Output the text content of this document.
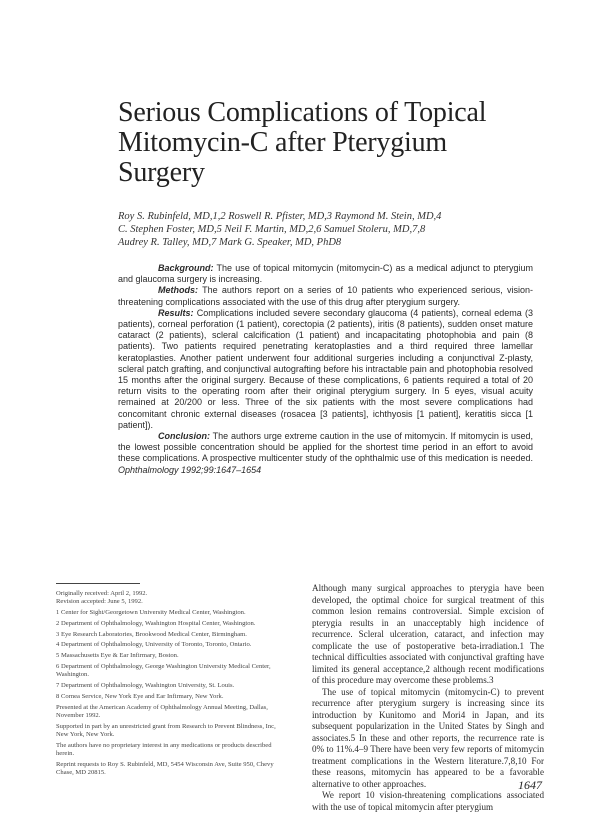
Serious Complications of Topical
Mitomycin-C after Pterygium
Surgery
Roy S. Rubinfeld, MD,1,2 Roswell R. Pfister, MD,3 Raymond M. Stein, MD,4
C. Stephen Foster, MD,5 Neil F. Martin, MD,2,6 Samuel Stoleru, MD,7,8
Audrey R. Talley, MD,7 Mark G. Speaker, MD, PhD8

Background: The use of topical mitomycin (mitomycin-C) as a medical adjunct to pterygium and glaucoma surgery is increasing.

Methods: The authors report on a series of 10 patients who experienced serious, vision-threatening complications associated with the use of this drug after pterygium surgery.

Results: Complications included severe secondary glaucoma (4 patients), corneal edema (3 patients), corneal perforation (1 patient), corectopia (2 patients), iritis (8 patients), sudden onset mature cataract (2 patients), scleral calcification (1 patient) and incapacitating photophobia and pain (8 patients). Two patients required penetrating keratoplasties and a third required three lamellar keratoplasties. Another patient underwent four additional surgeries including a conjunctival Z-plasty, scleral patch grafting, and conjunctival autografting before his intractable pain and photophobia resolved 15 months after the original surgery. Because of these complications, 6 patients required a total of 20 return visits to the operating room after their original pterygium surgery. In 5 eyes, visual acuity remained at 20/200 or less. Three of the six patients with the most severe complications had concomitant chronic external diseases (rosacea [3 patients], ichthyosis [1 patient], keratitis sicca [1 patient]).

Conclusion: The authors urge extreme caution in the use of mitomycin. If mitomycin is used, the lowest possible concentration should be applied for the shortest time period in an effort to avoid these complications. A prospective multicenter study of the ophthalmic use of this medication is needed. Ophthalmology 1992;99:1647–1654

Originally received: April 2, 1992.
Revision accepted: June 5, 1992.

1 Center for Sight/Georgetown University Medical Center, Washington.

2 Department of Ophthalmology, Washington Hospital Center, Washington.

3 Eye Research Laboratories, Brookwood Medical Center, Birmingham.

4 Department of Ophthalmology, University of Toronto, Toronto, Ontario.

5 Massachusetts Eye & Ear Infirmary, Boston.

6 Department of Ophthalmology, George Washington University Medical Center, Washington.

7 Department of Ophthalmology, Washington University, St. Louis.

8 Cornea Service, New York Eye and Ear Infirmary, New York.

Presented at the American Academy of Ophthalmology Annual Meeting, Dallas, November 1992.

Supported in part by an unrestricted grant from Research to Prevent Blindness, Inc, New York, New York.

The authors have no proprietary interest in any medications or products described herein.

Reprint requests to Roy S. Rubinfeld, MD, 5454 Wisconsin Ave, Suite 950, Chevy Chase, MD 20815.

Although many surgical approaches to pterygia have been developed, the optimal choice for surgical treatment of this common lesion remains controversial. Simple excision of pterygia results in an unacceptably high incidence of recurrence. Scleral ulceration, cataract, and infection may complicate the use of postoperative beta-irradiation.1 The technical difficulties associated with conjunctival grafting have limited its general acceptance,2 although recent modifications of this procedure may overcome these problems.3

The use of topical mitomycin (mitomycin-C) to prevent recurrence after pterygium surgery is increasing since its introduction by Kunitomo and Mori4 in Japan, and its subsequent popularization in the United States by Singh and associates.5 In these and other reports, the recurrence rate is 0% to 11%.4–9 There have been very few reports of mitomycin treatment complications in the Western literature.7,8,10 For these reasons, mitomycin has appeared to be a favorable alternative to other approaches.

We report 10 vision-threatening complications associated with the use of topical mitomycin after pterygium

1647
